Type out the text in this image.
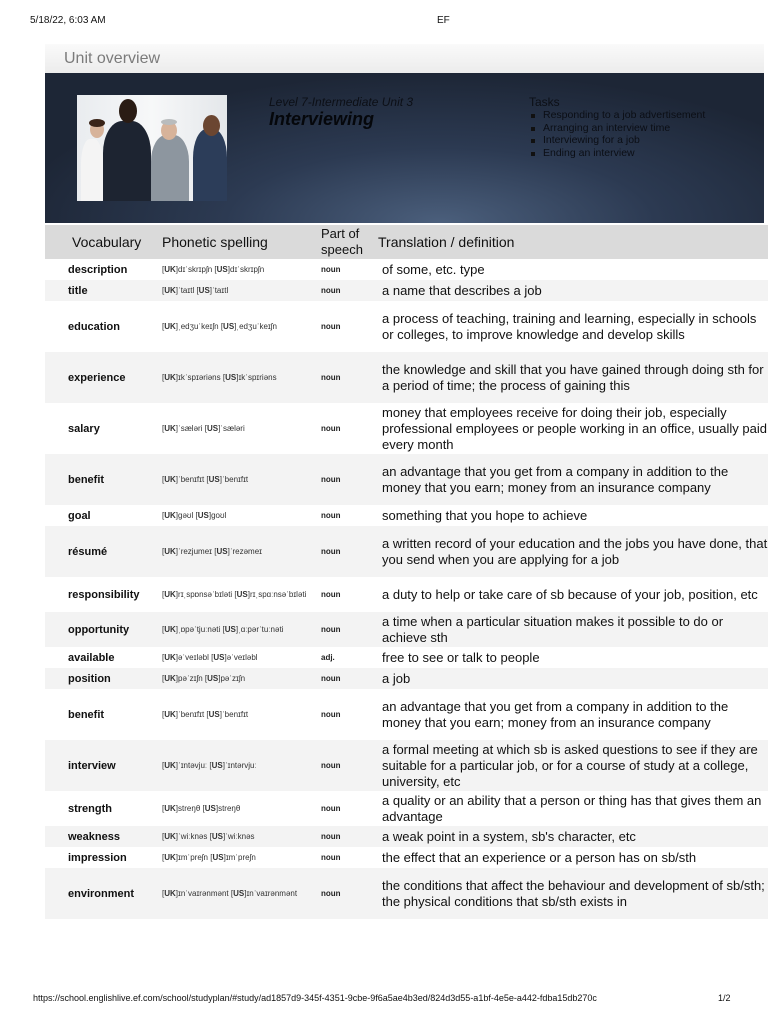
5/18/22, 6:03 AM	EF
Unit overview
Level 7-Intermediate Unit 3
Interviewing
Tasks
Responding to a job advertisement
Arranging an interview time
Interviewing for a job
Ending an interview
Vocabulary	Phonetic spelling	Part of speech	Translation / definition
description	[UK]dɪˈskrɪpʃn [US]dɪˈskrɪpʃn	noun	of some, etc. type
title	[UK]ˈtaɪtl [US]ˈtaɪtl	noun	a name that describes a job
education	[UK]ˌedʒuˈkeɪʃn [US]ˌedʒuˈkeɪʃn	noun	a process of teaching, training and learning, especially in schools or colleges, to improve knowledge and develop skills
experience	[UK]ɪkˈspɪəriəns [US]ɪkˈspɪriəns	noun	the knowledge and skill that you have gained through doing sth for a period of time; the process of gaining this
salary	[UK]ˈsæləri [US]ˈsæləri	noun	money that employees receive for doing their job, especially professional employees or people working in an office, usually paid every month
benefit	[UK]ˈbenɪfɪt [US]ˈbenɪfɪt	noun	an advantage that you get from a company in addition to the money that you earn; money from an insurance company
goal	[UK]ɡəʊl [US]ɡoʊl	noun	something that you hope to achieve
résumé	[UK]ˈrezjumeɪ [US]ˈrezəmeɪ	noun	a written record of your education and the jobs you have done, that you send when you are applying for a job
responsibility	[UK]rɪˌspɒnsəˈbɪləti [US]rɪˌspɑːnsəˈbɪləti	noun	a duty to help or take care of sb because of your job, position, etc
opportunity	[UK]ˌɒpəˈtjuːnəti [US]ˌɑːpərˈtuːnəti	noun	a time when a particular situation makes it possible to do or achieve sth
available	[UK]əˈveɪləbl [US]əˈveɪləbl	adj.	free to see or talk to people
position	[UK]pəˈzɪʃn [US]pəˈzɪʃn	noun	a job
benefit	[UK]ˈbenɪfɪt [US]ˈbenɪfɪt	noun	an advantage that you get from a company in addition to the money that you earn; money from an insurance company
interview	[UK]ˈɪntəvjuː [US]ˈɪntərvjuː	noun	a formal meeting at which sb is asked questions to see if they are suitable for a particular job, or for a course of study at a college, university, etc
strength	[UK]streŋθ [US]streŋθ	noun	a quality or an ability that a person or thing has that gives them an advantage
weakness	[UK]ˈwiːknəs [US]ˈwiːknəs	noun	a weak point in a system, sb's character, etc
impression	[UK]ɪmˈpreʃn [US]ɪmˈpreʃn	noun	the effect that an experience or a person has on sb/sth
environment	[UK]ɪnˈvaɪrənmənt [US]ɪnˈvaɪrənmənt	noun	the conditions that affect the behaviour and development of sb/sth; the physical conditions that sb/sth exists in
https://school.englishlive.ef.com/school/studyplan/#study/ad1857d9-345f-4351-9cbe-9f6a5ae4b3ed/824d3d55-a1bf-4e5e-a442-fdba15db270c	1/2
